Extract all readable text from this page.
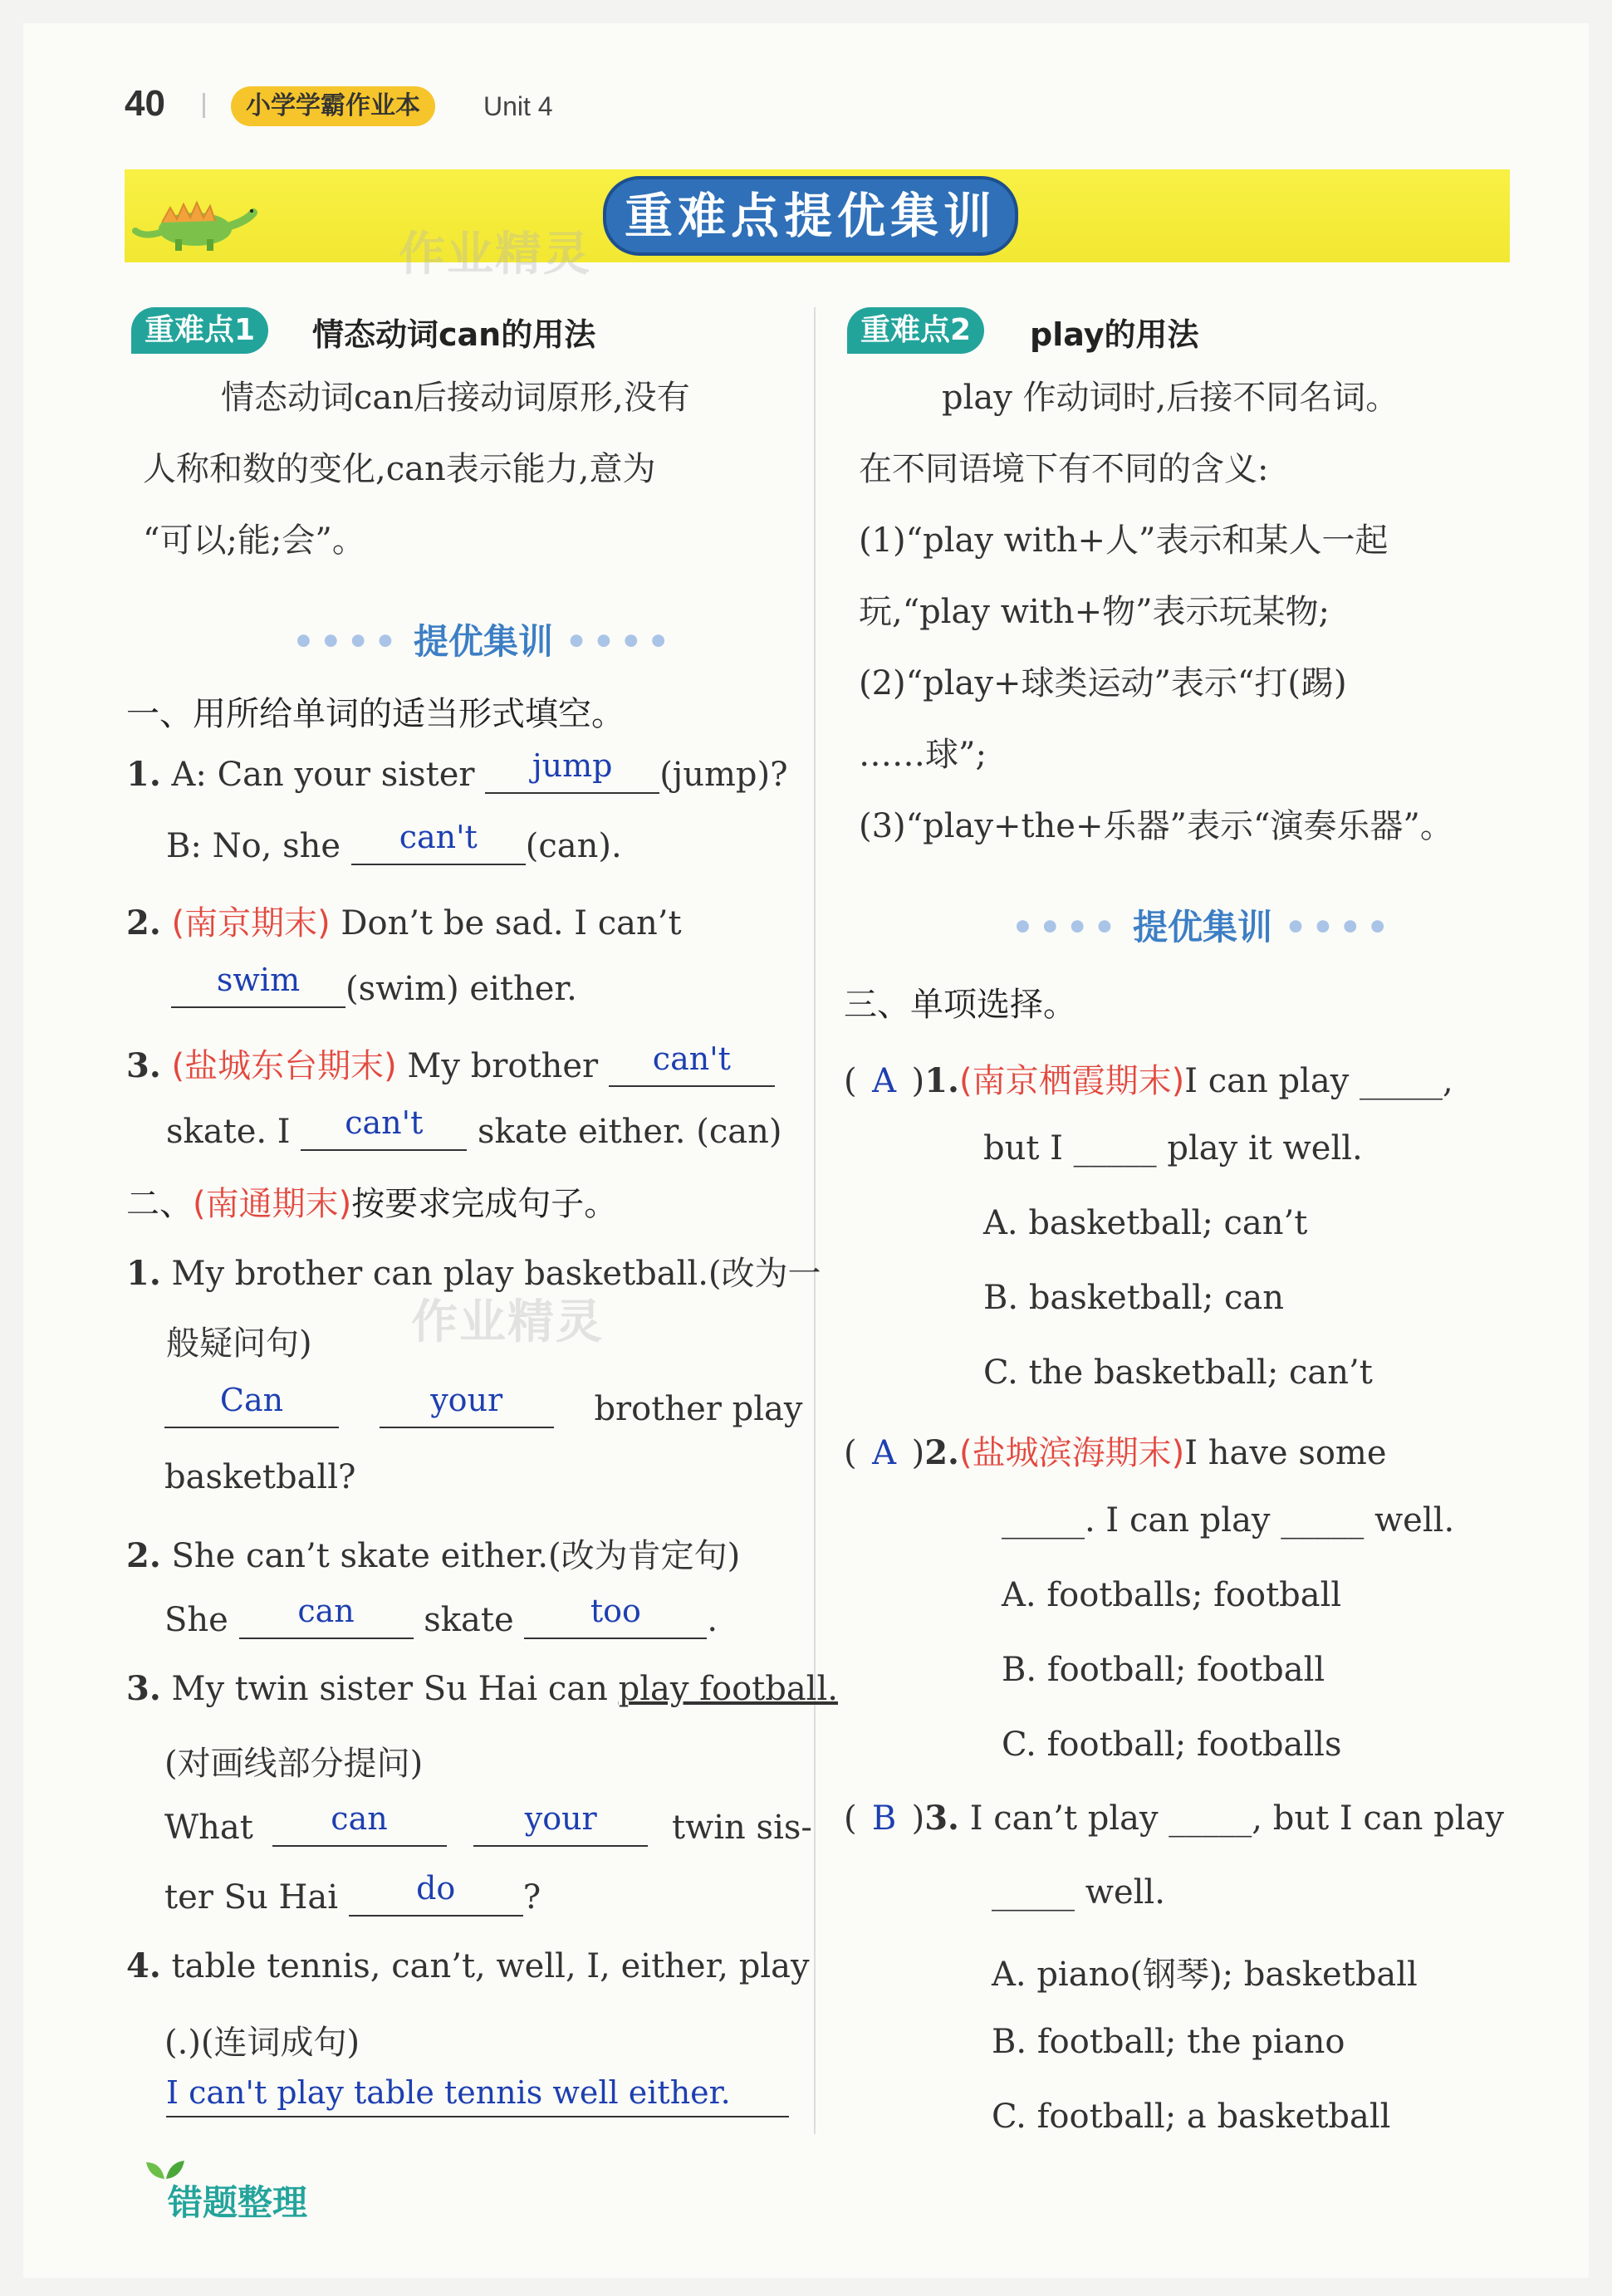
40	小学学霸作业本	Unit 4
重难点提优集训
作业精灵
重难点1	情态动词can的用法
情态动词can后接动词原形,没有
人称和数的变化,can表示能力,意为
“可以;能;会”。
•••• 提优集训 ••••
一、用所给单词的适当形式填空。
1. A: Can your sister	jump	(jump)?
B: No, she	can't	(can).
2. (南京期末) Don’t be sad. I can’t
swim	(swim) either.
3. (盐城东台期末) My brother	can't
skate. I	can't	skate either. (can)
二、(南通期末)按要求完成句子。
1. My brother can play basketball.(改为一
般疑问句)
Can
	your	brother play
basketball?
2. She can’t skate either.(改为肯定句)
She	can	skate	too	.
3. My twin sister Su Hai can play football.
(对画线部分提问)
What	can
	your	twin sis-
ter Su Hai	do	?
4. table tennis, can’t, well, I, either, play
(.)(连词成句)
I can't play table tennis well either.
作业精灵
重难点2	play的用法
play 作动词时,后接不同名词。
在不同语境下有不同的含义:
(1)“play with+人”表示和某人一起
玩,“play with+物”表示玩某物;
(2)“play+球类运动”表示“打(踢)
……球”;
(3)“play+the+乐器”表示“演奏乐器”。
•••• 提优集训 ••••
三、单项选择。
( A )1.(南京栖霞期末)I can play _____,
but I _____ play it well.
A. basketball; can’t
B. basketball; can
C. the basketball; can’t
( A )2.(盐城滨海期末)I have some
_____. I can play _____ well.
A. footballs; football
B. football; football
C. football; footballs
( B )3. I can’t play _____, but I can play
_____ well.
A. piano(钢琴); basketball
B. football; the piano
C. football; a basketball
错题整理
